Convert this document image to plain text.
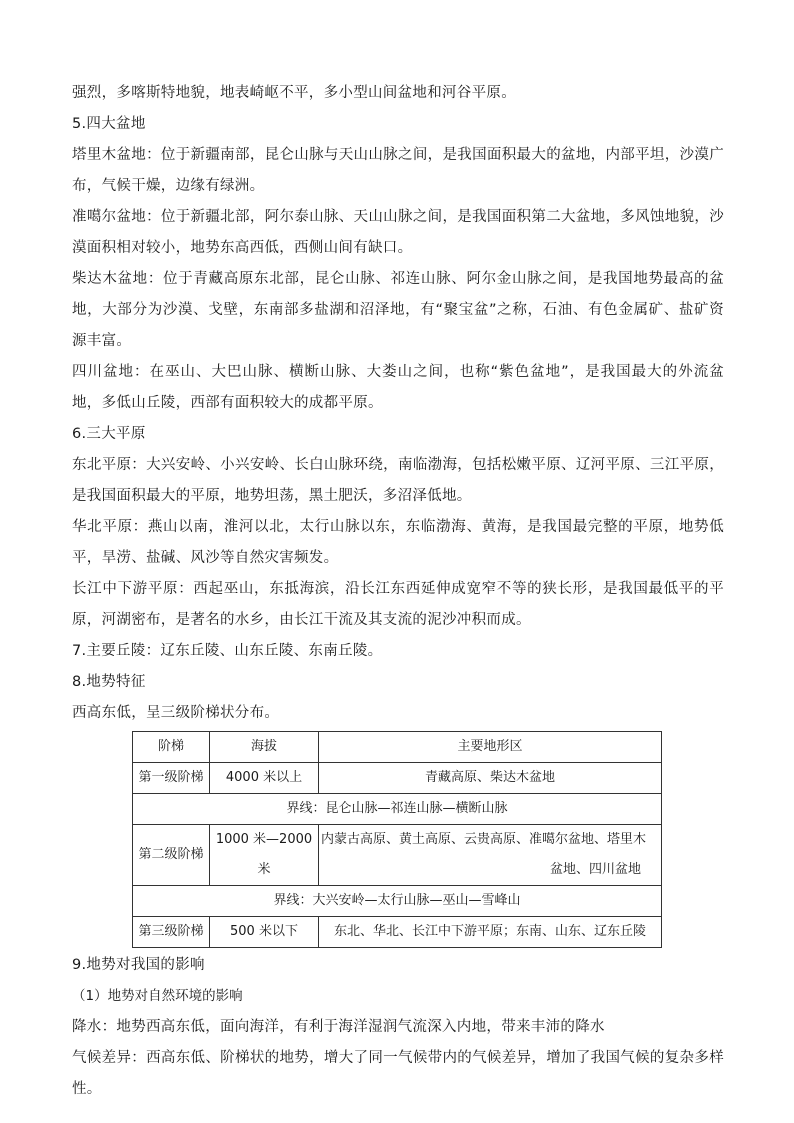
强烈，多喀斯特地貌，地表崎岖不平，多小型山间盆地和河谷平原。

5.四大盆地

塔里木盆地：位于新疆南部，昆仑山脉与天山山脉之间，是我国面积最大的盆地，内部平坦，沙漠广布，气候干燥，边缘有绿洲。

准噶尔盆地：位于新疆北部，阿尔泰山脉、天山山脉之间，是我国面积第二大盆地，多风蚀地貌，沙漠面积相对较小，地势东高西低，西侧山间有缺口。

柴达木盆地：位于青藏高原东北部，昆仑山脉、祁连山脉、阿尔金山脉之间，是我国地势最高的盆地，大部分为沙漠、戈壁，东南部多盐湖和沼泽地，有“聚宝盆”之称，石油、有色金属矿、盐矿资源丰富。

四川盆地：在巫山、大巴山脉、横断山脉、大娄山之间，也称“紫色盆地”，是我国最大的外流盆地，多低山丘陵，西部有面积较大的成都平原。

6.三大平原

东北平原：大兴安岭、小兴安岭、长白山脉环绕，南临渤海，包括松嫩平原、辽河平原、三江平原，是我国面积最大的平原，地势坦荡，黑土肥沃，多沼泽低地。

华北平原：燕山以南，淮河以北，太行山脉以东，东临渤海、黄海，是我国最完整的平原，地势低平，旱涝、盐碱、风沙等自然灾害频发。

长江中下游平原：西起巫山，东抵海滨，沿长江东西延伸成宽窄不等的狭长形，是我国最低平的平原，河湖密布，是著名的水乡，由长江干流及其支流的泥沙冲积而成。

7.主要丘陵：辽东丘陵、山东丘陵、东南丘陵。

8.地势特征

西高东低，呈三级阶梯状分布。

阶梯	海拔	主要地形区
第一级阶梯	4000 米以上	青藏高原、柴达木盆地
界线：昆仑山脉—祁连山脉—横断山脉		
第二级阶梯	1000 米—2000 米	内蒙古高原、黄土高原、云贵高原、准噶尔盆地、塔里木
盆地、四川盆地

界线：大兴安岭—太行山脉—巫山—雪峰山		
第三级阶梯	500 米以下	东北、华北、长江中下游平原；东南、山东、辽东丘陵

9.地势对我国的影响

（1）地势对自然环境的影响

降水：地势西高东低，面向海洋，有利于海洋湿润气流深入内地，带来丰沛的降水

气候差异：西高东低、阶梯状的地势，增大了同一气候带内的气候差异，增加了我国气候的复杂多样性。
